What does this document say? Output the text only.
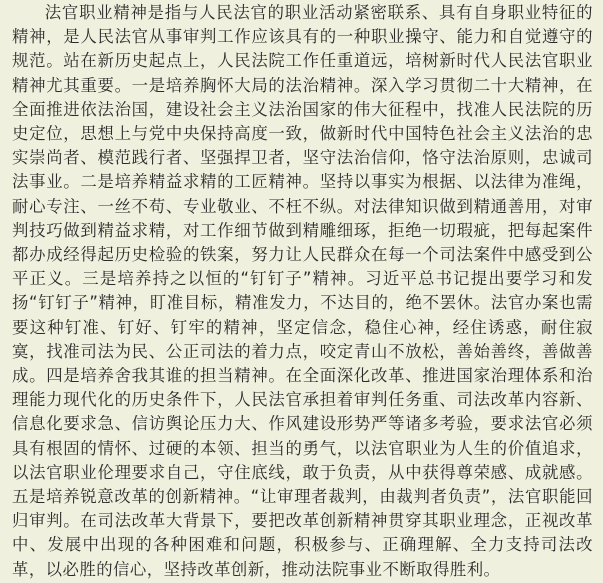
法官职业精神是指与人民法官的职业活动紧密联系、具有自身职业特征的精神，是人民法官从事审判工作应该具有的一种职业操守、能力和自觉遵守的规范。站在新历史起点上，人民法院工作任重道远，培树新时代人民法官职业精神尤其重要。一是培养胸怀大局的法治精神。深入学习贯彻二十大精神，在全面推进依法治国，建设社会主义法治国家的伟大征程中，找准人民法院的历史定位，思想上与党中央保持高度一致，做新时代中国特色社会主义法治的忠实崇尚者、模范践行者、坚强捍卫者，坚守法治信仰，恪守法治原则，忠诚司法事业。二是培养精益求精的工匠精神。坚持以事实为根据、以法律为准绳，耐心专注、一丝不苟、专业敬业、不枉不纵。对法律知识做到精通善用，对审判技巧做到精益求精，对工作细节做到精雕细琢，拒绝一切瑕疵，把每起案件都办成经得起历史检验的铁案，努力让人民群众在每一个司法案件中感受到公平正义。三是培养持之以恒的“钉钉子”精神。习近平总书记提出要学习和发扬“钉钉子”精神，盯准目标，精准发力，不达目的，绝不罢休。法官办案也需要这种钉准、钉好、钉牢的精神，坚定信念，稳住心神，经住诱惑，耐住寂寞，找准司法为民、公正司法的着力点，咬定青山不放松，善始善终，善做善成。四是培养舍我其谁的担当精神。在全面深化改革、推进国家治理体系和治理能力现代化的历史条件下，人民法官承担着审判任务重、司法改革内容新、信息化要求急、信访舆论压力大、作风建设形势严等诸多考验，要求法官必须具有根固的情怀、过硬的本领、担当的勇气，以法官职业为人生的价值追求，以法官职业伦理要求自己，守住底线，敢于负责，从中获得尊荣感、成就感。五是培养锐意改革的创新精神。“让审理者裁判，由裁判者负责”，法官职能回归审判。在司法改革大背景下，要把改革创新精神贯穿其职业理念，正视改革中、发展中出现的各种困难和问题，积极参与、正确理解、全力支持司法改革，以必胜的信心，坚持改革创新，推动法院事业不断取得胜利。
